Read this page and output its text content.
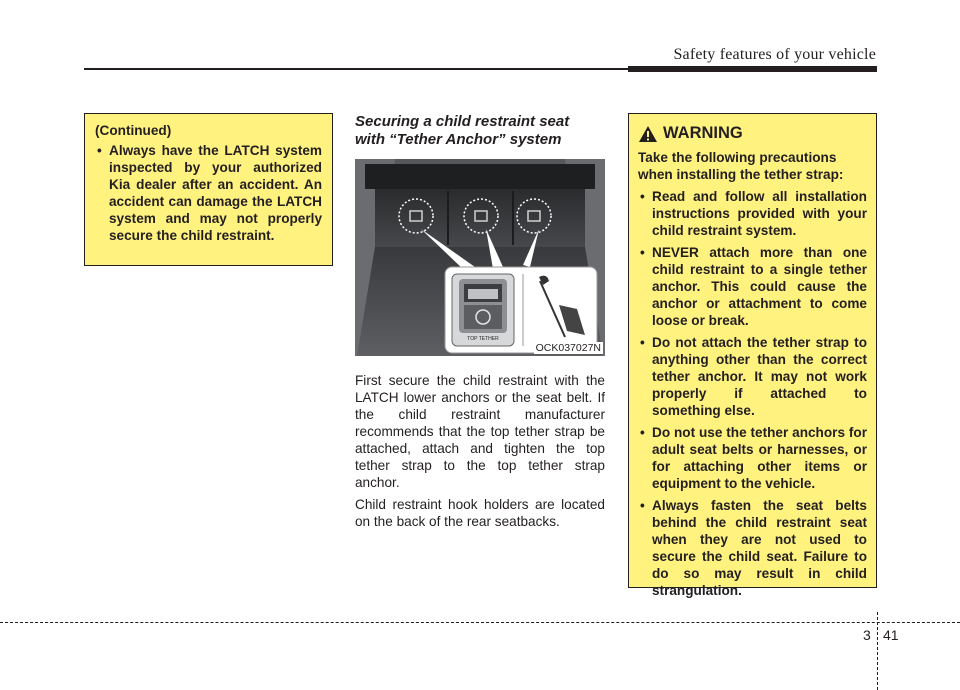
Safety features of your vehicle

(Continued)

• Always have the LATCH system inspected by your authorized Kia dealer after an accident. An accident can damage the LATCH system and may not properly secure the child restraint.

Securing a child restraint seat
with “Tether Anchor” system

TOP TETHER
OCK037027N

First secure the child restraint with the LATCH lower anchors or the seat belt. If the child restraint manufacturer recommends that the top tether strap be attached, attach and tighten the top tether strap to the top tether strap anchor.

Child restraint hook holders are located on the back of the rear seatbacks.

WARNING

Take the following precautions when installing the tether strap:

• Read and follow all installation instructions provided with your child restraint system.
• NEVER attach more than one child restraint to a single tether anchor. This could cause the anchor or attachment to come loose or break.
• Do not attach the tether strap to anything other than the correct tether anchor. It may not work properly if attached to something else.
• Do not use the tether anchors for adult seat belts or harnesses, or for attaching other items or equipment to the vehicle.
• Always fasten the seat belts behind the child restraint seat when they are not used to secure the child seat. Failure to do so may result in child strangulation.
3 41
